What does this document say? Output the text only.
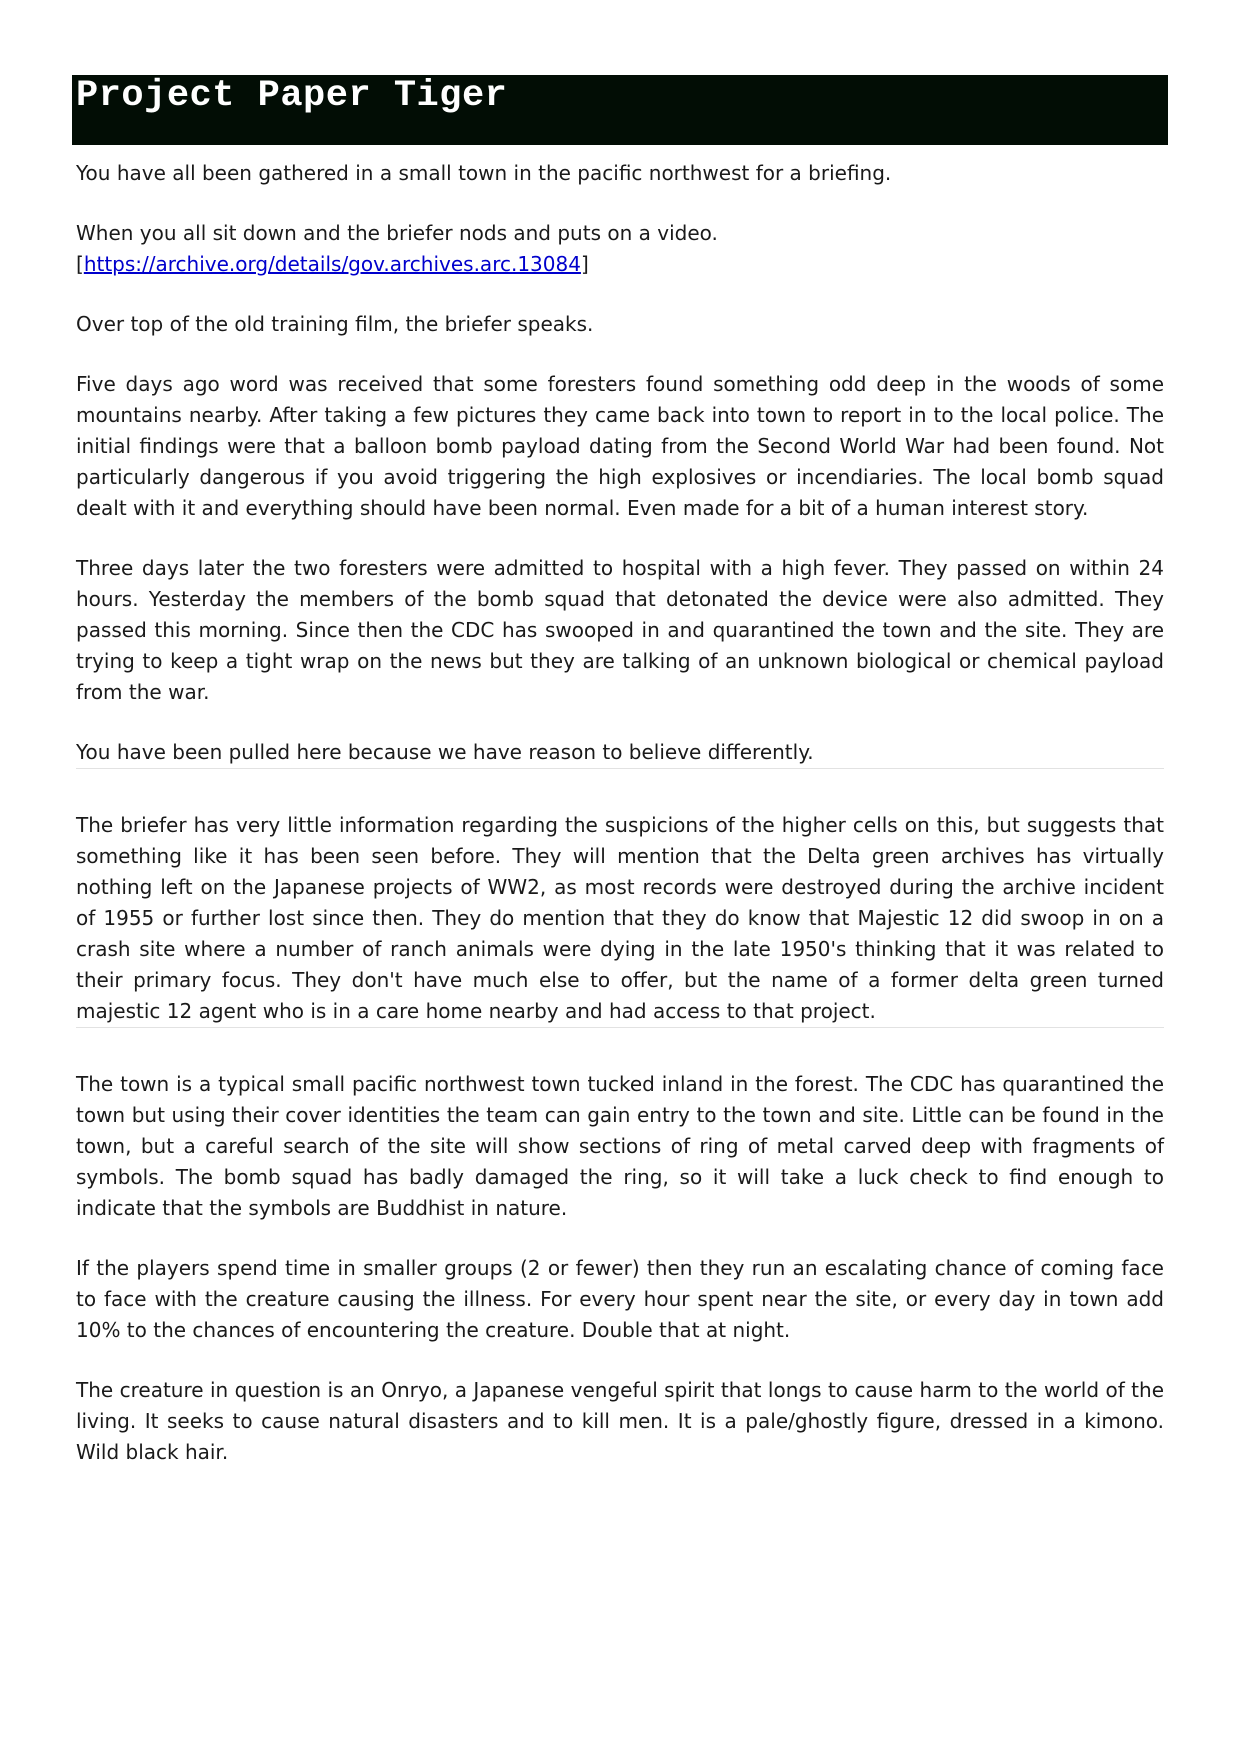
Project Paper Tiger

You have all been gathered in a small town in the pacific northwest for a briefing.

When you all sit down and the briefer nods and puts on a video.
[https://archive.org/details/gov.archives.arc.13084]

Over top of the old training film, the briefer speaks.

Five days ago word was received that some foresters found something odd deep in the woods of some mountains nearby. After taking a few pictures they came back into town to report in to the local police. The initial findings were that a balloon bomb payload dating from the Second World War had been found. Not particularly dangerous if you avoid triggering the high explosives or incendiaries. The local bomb squad dealt with it and everything should have been normal. Even made for a bit of a human interest story.

Three days later the two foresters were admitted to hospital with a high fever. They passed on within 24 hours. Yesterday the members of the bomb squad that detonated the device were also admitted. They passed this morning. Since then the CDC has swooped in and quarantined the town and the site. They are trying to keep a tight wrap on the news but they are talking of an unknown biological or chemical payload from the war.

You have been pulled here because we have reason to believe differently.

The briefer has very little information regarding the suspicions of the higher cells on this, but suggests that something like it has been seen before. They will mention that the Delta green archives has virtually nothing left on the Japanese projects of WW2, as most records were destroyed during the archive incident of 1955 or further lost since then. They do mention that they do know that Majestic 12 did swoop in on a crash site where a number of ranch animals were dying in the late 1950's thinking that it was related to their primary focus. They don't have much else to offer, but the name of a former delta green turned majestic 12 agent who is in a care home nearby and had access to that project.

The town is a typical small pacific northwest town tucked inland in the forest. The CDC has quarantined the town but using their cover identities the team can gain entry to the town and site. Little can be found in the town, but a careful search of the site will show sections of ring of metal carved deep with fragments of symbols. The bomb squad has badly damaged the ring, so it will take a luck check to find enough to indicate that the symbols are Buddhist in nature.

If the players spend time in smaller groups (2 or fewer) then they run an escalating chance of coming face to face with the creature causing the illness. For every hour spent near the site, or every day in town add 10% to the chances of encountering the creature. Double that at night.

The creature in question is an Onryo, a Japanese vengeful spirit that longs to cause harm to the world of the living. It seeks to cause natural disasters and to kill men. It is a pale/ghostly figure, dressed in a kimono. Wild black hair.
